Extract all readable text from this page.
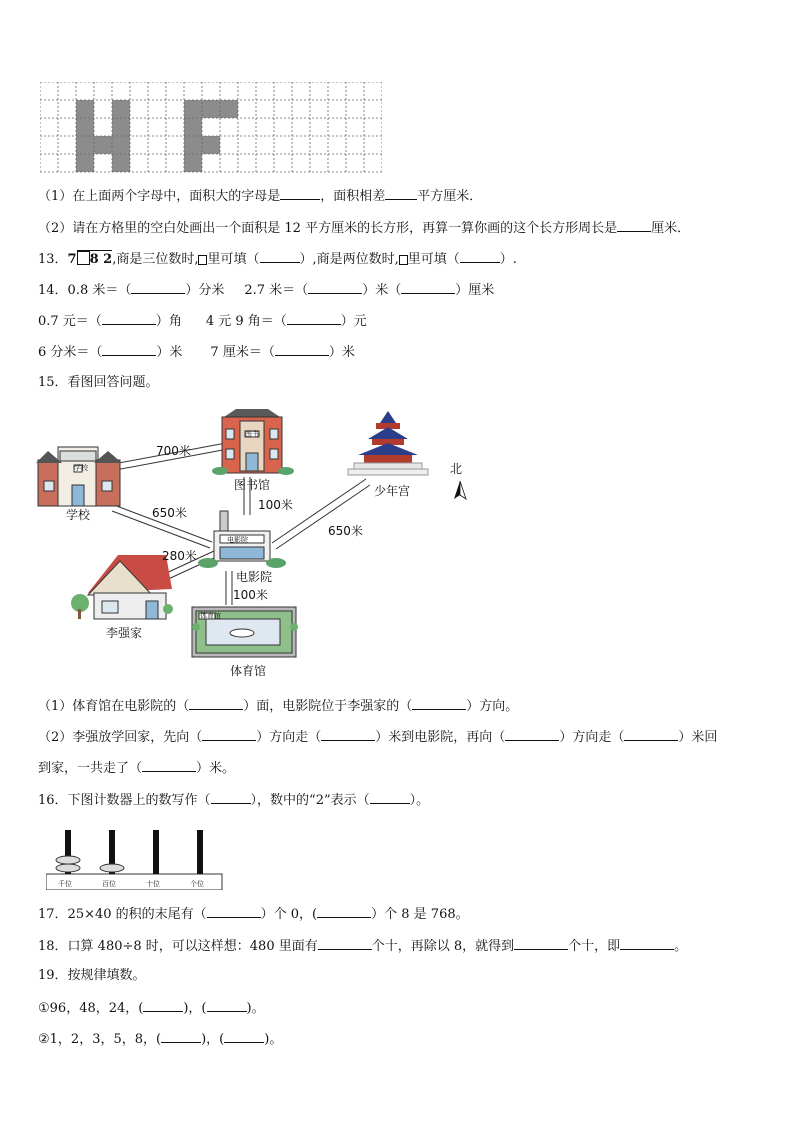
（1）在上面两个字母中，面积大的字母是	，面积相差 平方厘米．
（2）请在方格里的空白处画出一个面积是 12 平方厘米的长方形，再算一算你画的这个长方形周长是	厘米．
13．7 8 2,商是三位数时, 里可填（	）,商是两位数时, 里可填（	）.
14．0.8 米＝（	）分米 2.7 米＝（	）米（	）厘米
0.7 元＝（	）角 4 元 9 角＝（	）元
6 分米＝（	）米 7 厘米＝（	）米
15．看图回答问题。
学校
学校
图书
图书馆	少年宫
北
电影院
电影院
李强家
体育馆
体育馆
700米
650米
100米
650米
280米
100米
（1）体育馆在电影院的（	）面，电影院位于李强家的（	）方向。
（2）李强放学回家，先向（	）方向走（	）米到电影院，再向（	）方向走（	）米回
到家，一共走了（	）米。
16．下图计数器上的数写作（	），数中的“2”表示（	）。
千位	百位	十位	个位
17．25×40 的积的末尾有（	）个 0，(	）个 8 是 768。
18．口算 480÷8 时，可以这样想：480 里面有	个十，再除以 8，就得到	个十，即	。
19．按规律填数。
①96，48，24，(	)，(	)。
②1，2，3，5，8，(	)，(	)。
